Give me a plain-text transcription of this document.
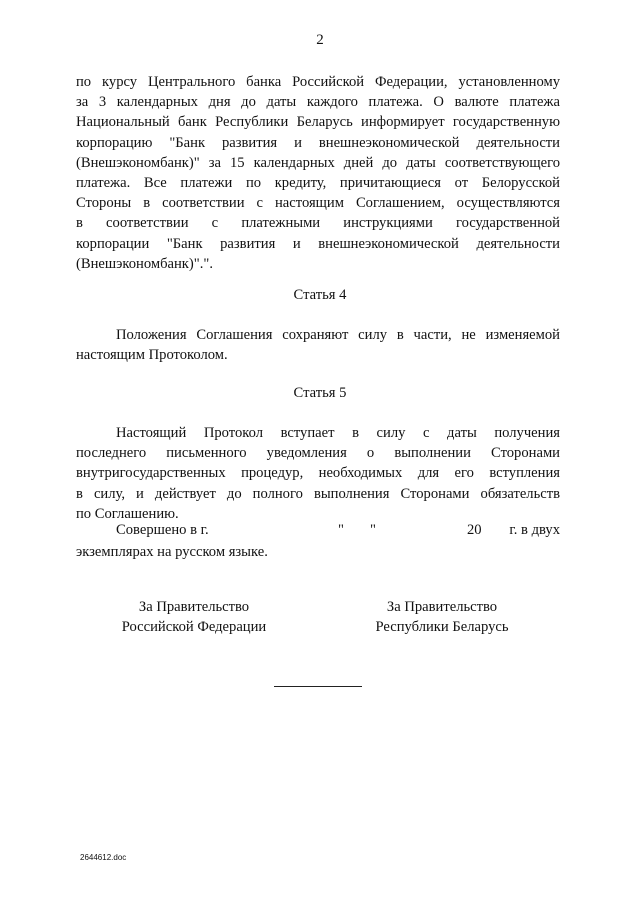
2
по курсу Центрального банка Российской Федерации, установленному
за 3 календарных дня до даты каждого платежа. О валюте платежа
Национальный банк Республики Беларусь информирует государственную
корпорацию "Банк развития и внешнеэкономической деятельности
(Внешэкономбанк)" за 15 календарных дней до даты соответствующего
платежа. Все платежи по кредиту, причитающиеся от Белорусской
Стороны в соответствии с настоящим Соглашением, осуществляются
в соответствии с платежными инструкциями государственной
корпорации "Банк развития и внешнеэкономической деятельности
(Внешэкономбанк)".".
Статья 4
Положения Соглашения сохраняют силу в части, не изменяемой
настоящим Протоколом.
Статья 5
Настоящий Протокол вступает в силу с даты получения
последнего письменного уведомления о выполнении Сторонами
внутригосударственных процедур, необходимых для его вступления
в силу, и действует до полного выполнения Сторонами обязательств
по Соглашению.
Совершено в г.	" "	20 г. в двух
экземплярах на русском языке.
За Правительство
Российской Федерации
За Правительство
Республики Беларусь
2644612.doc
